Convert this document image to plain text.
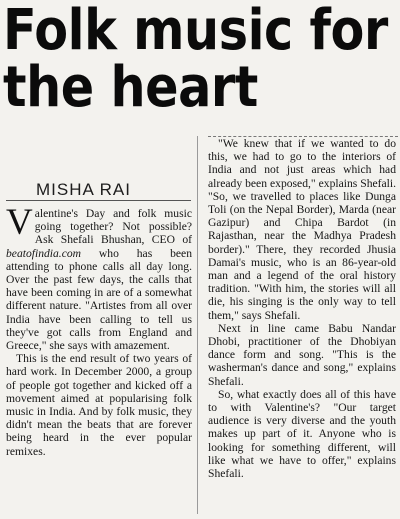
Folk music for
the heart
MISHA RAI

Valentine's Day and folk music going together? Not possible? Ask Shefali Bhushan, CEO of beatofindia.com who has been attending to phone calls all day long. Over the past few days, the calls that have been coming in are of a somewhat different nature. "Artistes from all over India have been calling to tell us they've got calls from England and Greece," she says with amazement.

This is the end result of two years of hard work. In December 2000, a group of people got together and kicked off a movement aimed at popularising folk music in India. And by folk music, they didn't mean the beats that are forever being heard in the ever popular remixes.

"We knew that if we wanted to do this, we had to go to the interiors of India and not just areas which had already been exposed," explains Shefali. "So, we travelled to places like Dunga Toli (on the Nepal Border), Marda (near Gazipur) and Chipa Bardot (in Rajasthan, near the Madhya Pradesh border)." There, they recorded Jhusia Damai's music, who is an 86-year-old man and a legend of the oral history tradition. "With him, the stories will all die, his singing is the only way to tell them," says Shefali.

Next in line came Babu Nandar Dhobi, practitioner of the Dhobiyan dance form and song. "This is the washerman's dance and song," explains Shefali.

So, what exactly does all of this have to with Valentine's? "Our target audience is very diverse and the youth makes up part of it. Anyone who is looking for something different, will like what we have to offer," explains Shefali.
